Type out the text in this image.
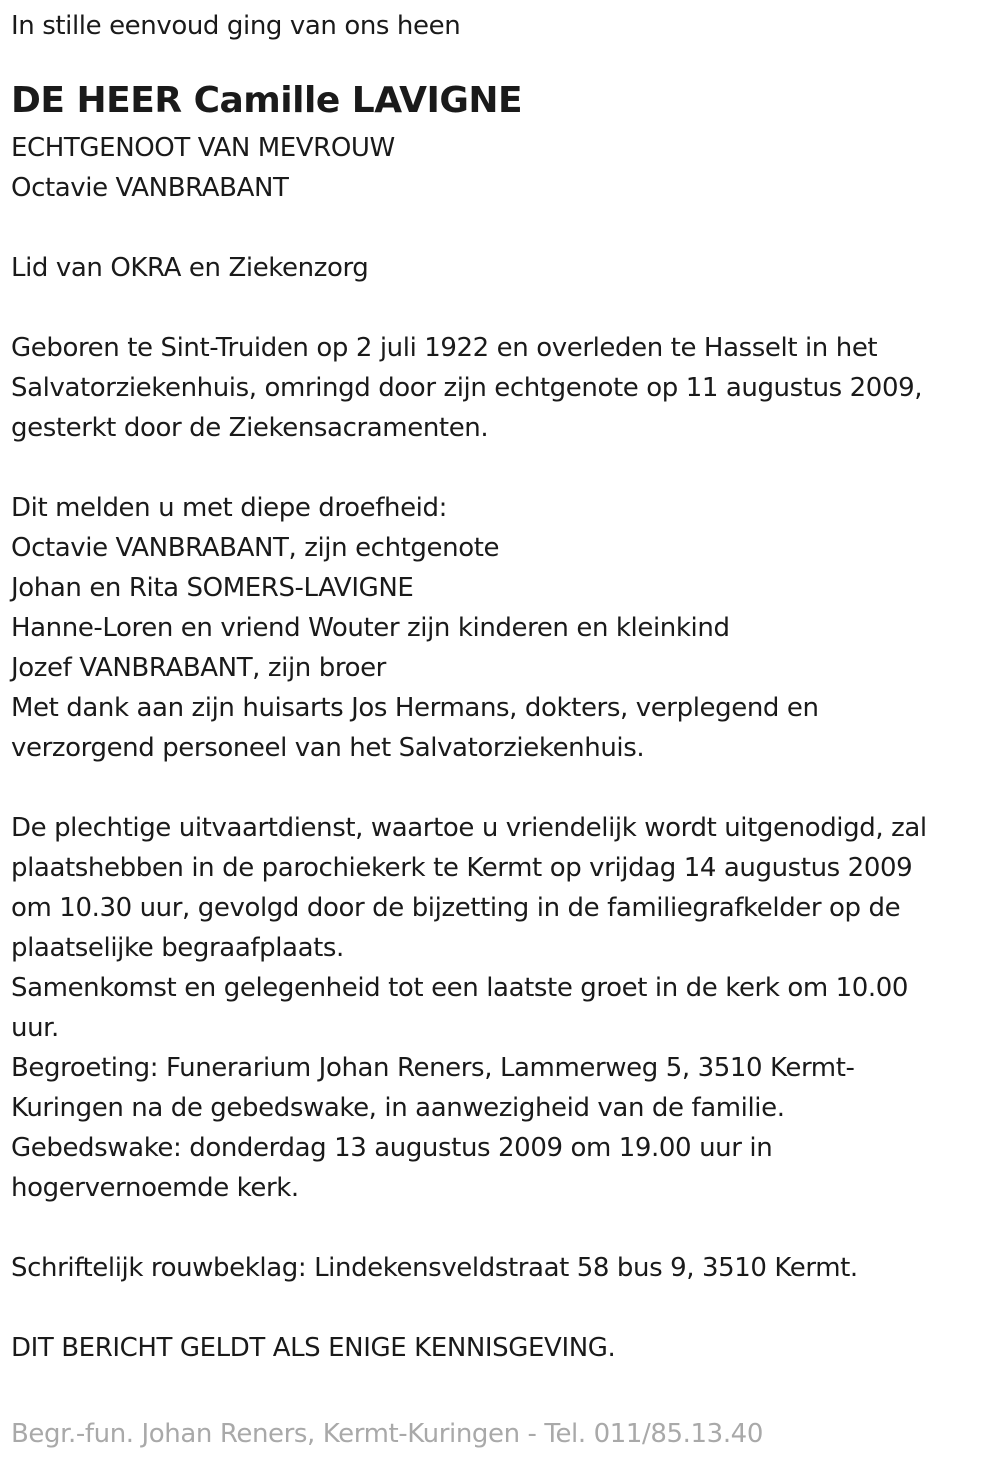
In stille eenvoud ging van ons heen
DE HEER Camille LAVIGNE
ECHTGENOOT VAN MEVROUW
Octavie VANBRABANT
Lid van OKRA en Ziekenzorg
Geboren te Sint-Truiden op 2 juli 1922 en overleden te Hasselt in het
Salvatorziekenhuis, omringd door zijn echtgenote op 11 augustus 2009,
gesterkt door de Ziekensacramenten.
Dit melden u met diepe droefheid:
Octavie VANBRABANT, zijn echtgenote
Johan en Rita SOMERS-LAVIGNE
Hanne-Loren en vriend Wouter zijn kinderen en kleinkind
Jozef VANBRABANT, zijn broer
Met dank aan zijn huisarts Jos Hermans, dokters, verplegend en
verzorgend personeel van het Salvatorziekenhuis.
De plechtige uitvaartdienst, waartoe u vriendelijk wordt uitgenodigd, zal
plaatshebben in de parochiekerk te Kermt op vrijdag 14 augustus 2009
om 10.30 uur, gevolgd door de bijzetting in de familiegrafkelder op de
plaatselijke begraafplaats.
Samenkomst en gelegenheid tot een laatste groet in de kerk om 10.00
uur.
Begroeting: Funerarium Johan Reners, Lammerweg 5, 3510 Kermt-
Kuringen na de gebedswake, in aanwezigheid van de familie.
Gebedswake: donderdag 13 augustus 2009 om 19.00 uur in
hogervernoemde kerk.
Schriftelijk rouwbeklag: Lindekensveldstraat 58 bus 9, 3510 Kermt.
DIT BERICHT GELDT ALS ENIGE KENNISGEVING.
Begr.-fun. Johan Reners, Kermt-Kuringen - Tel. 011/85.13.40
